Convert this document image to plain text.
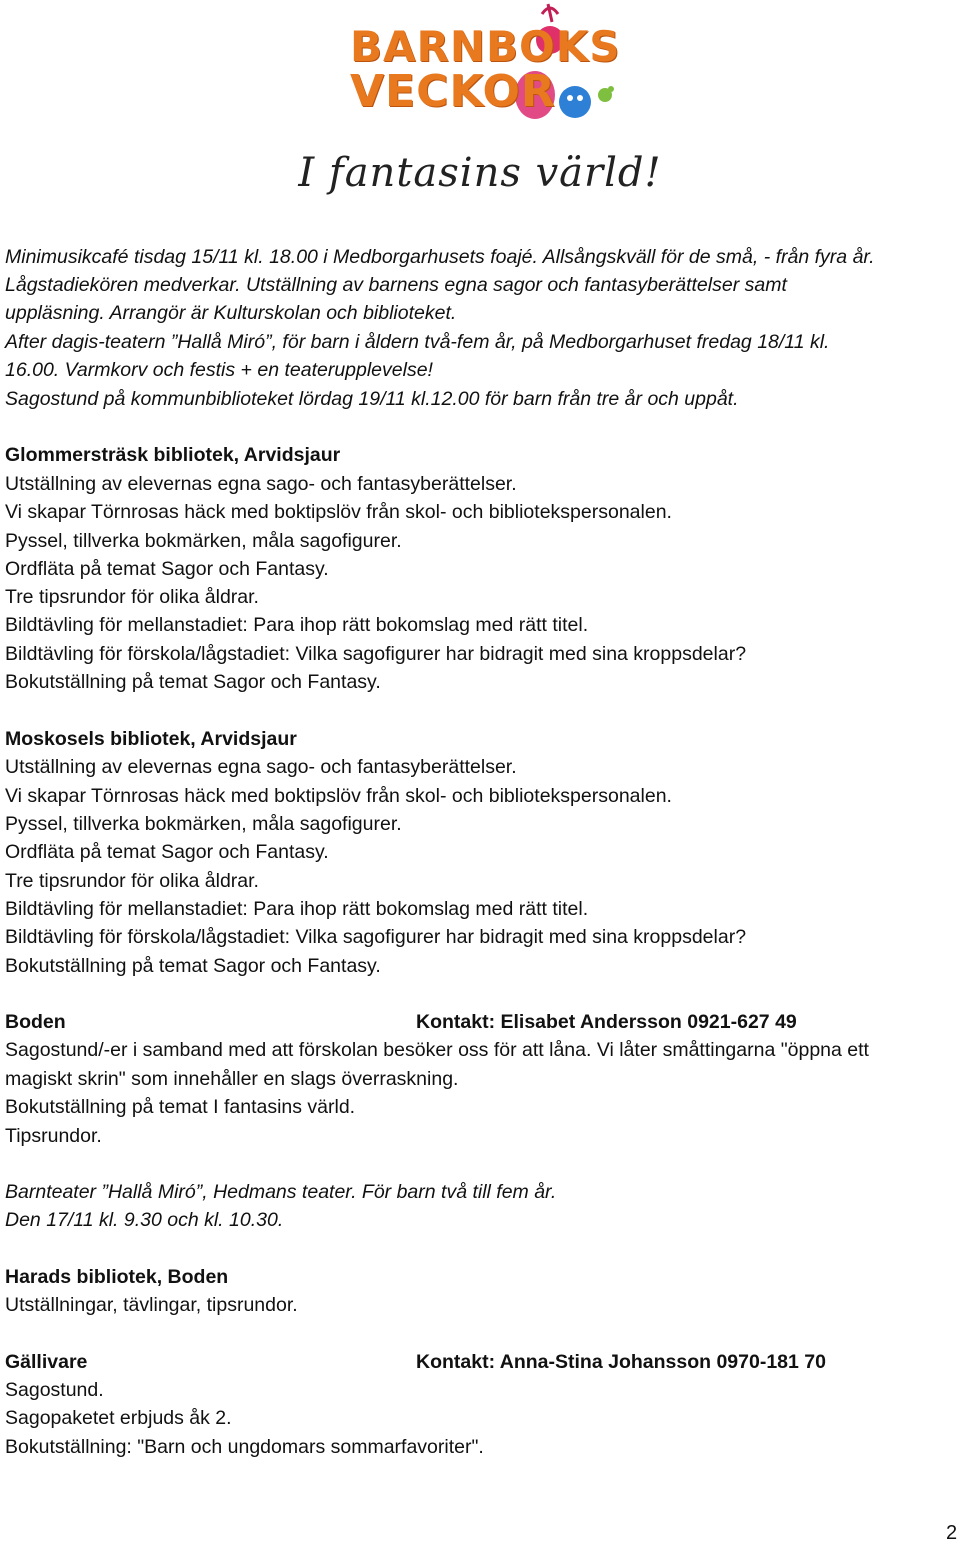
BARNBOKS
VECKOR
I fantasins värld!
Minimusikcafé tisdag 15/11 kl. 18.00 i Medborgarhusets foajé. Allsångskväll för de små, - från fyra år.
Lågstadiekören medverkar. Utställning av barnens egna sagor och fantasyberättelser samt
uppläsning. Arrangör är Kulturskolan och biblioteket.
After dagis-teatern ”Hallå Miró”, för barn i åldern två-fem år, på Medborgarhuset fredag 18/11 kl.
16.00. Varmkorv och festis + en teaterupplevelse!
Sagostund på kommunbiblioteket lördag 19/11 kl.12.00 för barn från tre år och uppåt.
Glommersträsk bibliotek, Arvidsjaur
Utställning av elevernas egna sago- och fantasyberättelser.
Vi skapar Törnrosas häck med boktipslöv från skol- och bibliotekspersonalen.
Pyssel, tillverka bokmärken, måla sagofigurer.
Ordfläta på temat Sagor och Fantasy.
Tre tipsrundor för olika åldrar.
Bildtävling för mellanstadiet: Para ihop rätt bokomslag med rätt titel.
Bildtävling för förskola/lågstadiet: Vilka sagofigurer har bidragit med sina kroppsdelar?
Bokutställning på temat Sagor och Fantasy.
Moskosels bibliotek, Arvidsjaur
Utställning av elevernas egna sago- och fantasyberättelser.
Vi skapar Törnrosas häck med boktipslöv från skol- och bibliotekspersonalen.
Pyssel, tillverka bokmärken, måla sagofigurer.
Ordfläta på temat Sagor och Fantasy.
Tre tipsrundor för olika åldrar.
Bildtävling för mellanstadiet: Para ihop rätt bokomslag med rätt titel.
Bildtävling för förskola/lågstadiet: Vilka sagofigurer har bidragit med sina kroppsdelar?
Bokutställning på temat Sagor och Fantasy.
Boden	Kontakt: Elisabet Andersson 0921-627 49
Sagostund/-er i samband med att förskolan besöker oss för att låna. Vi låter småttingarna "öppna ett
magiskt skrin" som innehåller en slags överraskning.
Bokutställning på temat I fantasins värld.
Tipsrundor.
Barnteater ”Hallå Miró”, Hedmans teater. För barn två till fem år.
Den 17/11 kl. 9.30 och kl. 10.30.
Harads bibliotek, Boden
Utställningar, tävlingar, tipsrundor.
Gällivare	Kontakt: Anna-Stina Johansson 0970-181 70
Sagostund.
Sagopaketet erbjuds åk 2.
Bokutställning: "Barn och ungdomars sommarfavoriter".
2
